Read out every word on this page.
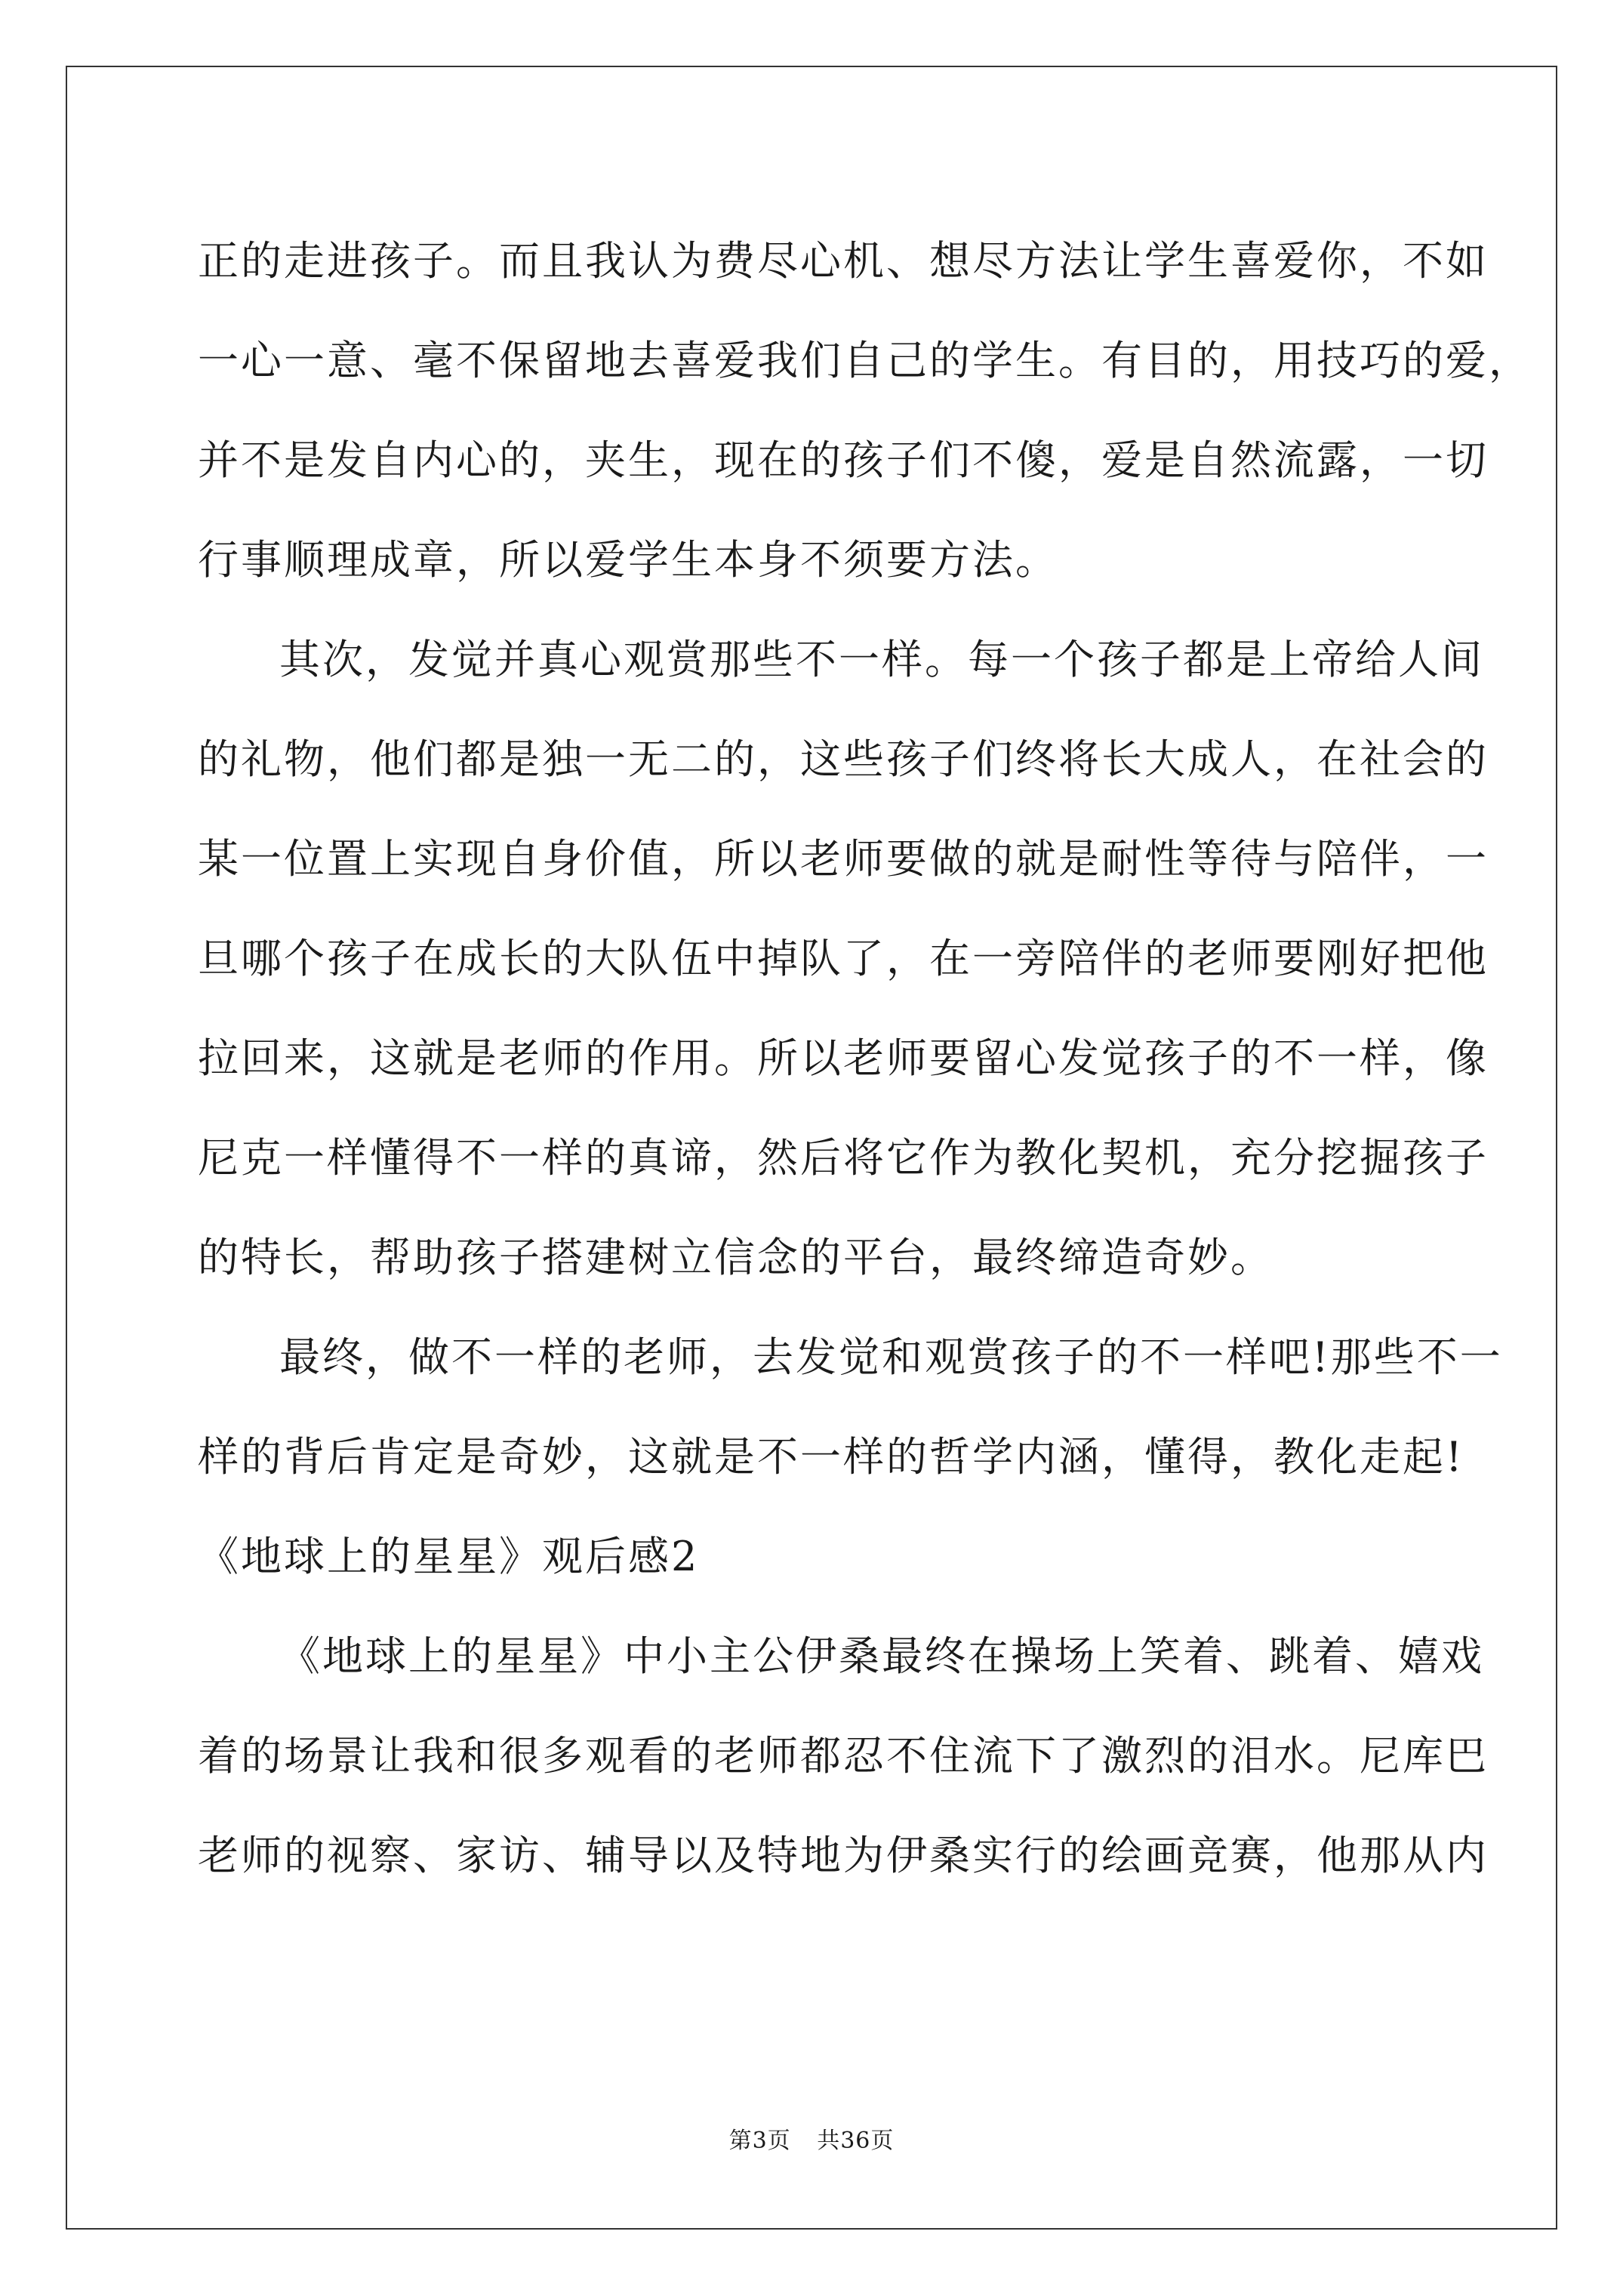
正的走进孩子。而且我认为费尽心机、想尽方法让学生喜爱你，不如
一心一意、毫不保留地去喜爱我们自己的学生。有目的，用技巧的爱，
并不是发自内心的，夹生，现在的孩子们不傻，爱是自然流露，一切
行事顺理成章，所以爱学生本身不须要方法。
其次，发觉并真心观赏那些不一样。每一个孩子都是上帝给人间
的礼物，他们都是独一无二的，这些孩子们终将长大成人，在社会的
某一位置上实现自身价值，所以老师要做的就是耐性等待与陪伴，一
旦哪个孩子在成长的大队伍中掉队了，在一旁陪伴的老师要刚好把他
拉回来，这就是老师的作用。所以老师要留心发觉孩子的不一样，像
尼克一样懂得不一样的真谛，然后将它作为教化契机，充分挖掘孩子
的特长，帮助孩子搭建树立信念的平台，最终缔造奇妙。
最终，做不一样的老师，去发觉和观赏孩子的不一样吧!那些不一
样的背后肯定是奇妙，这就是不一样的哲学内涵，懂得，教化走起!
《地球上的星星》观后感2
《地球上的星星》中小主公伊桑最终在操场上笑着、跳着、嬉戏
着的场景让我和很多观看的老师都忍不住流下了激烈的泪水。尼库巴
老师的视察、家访、辅导以及特地为伊桑实行的绘画竞赛，他那从内
第3页 共36页
